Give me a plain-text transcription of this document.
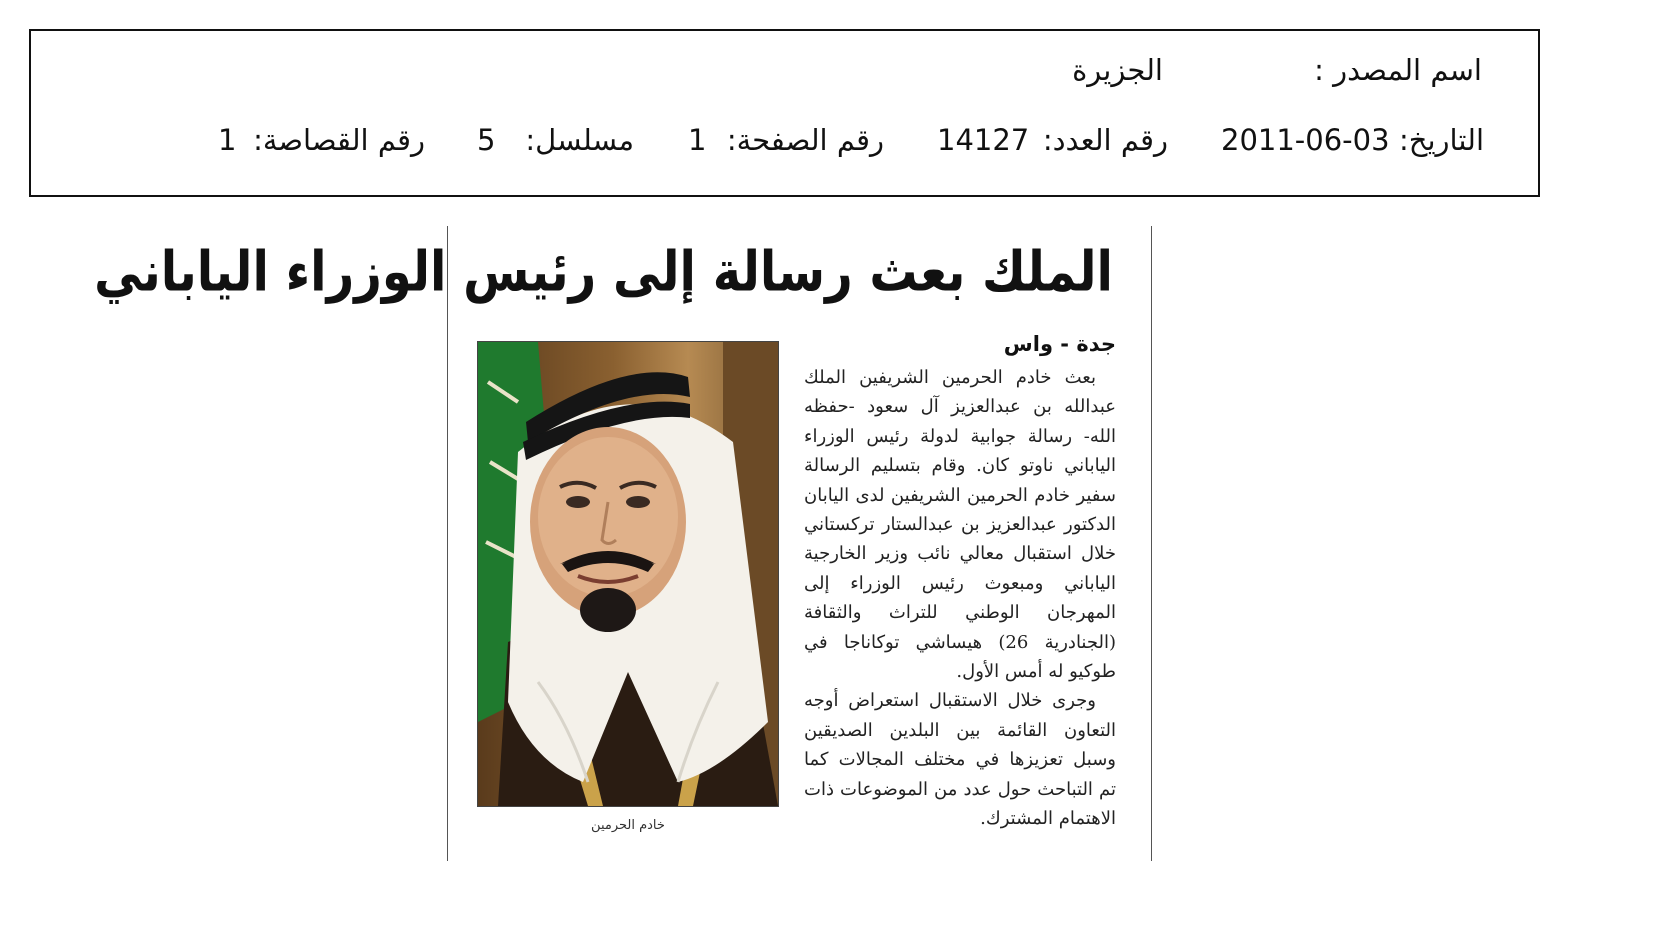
اسم المصدر :
الجزيرة
التاريخ:
2011-06-03
رقم العدد:
14127
رقم الصفحة:
1
مسلسل:
5
رقم القصاصة:
1
الملك بعث رسالة إلى رئيس الوزراء الياباني
جدة - واس

بعث خادم الحرمين الشريفين الملك عبدالله بن عبدالعزيز آل سعود -حفظه الله- رسالة جوابية لدولة رئيس الوزراء الياباني ناوتو كان. وقام بتسليم الرسالة سفير خادم الحرمين الشريفين لدى اليابان الدكتور عبدالعزيز بن عبدالستار تركستاني خلال استقبال معالي نائب وزير الخارجية الياباني ومبعوث رئيس الوزراء إلى المهرجان الوطني للتراث والثقافة (الجنادرية 26) هيساشي توكاناجا في طوكيو له أمس الأول.

وجرى خلال الاستقبال استعراض أوجه التعاون القائمة بين البلدين الصديقين وسبل تعزيزها في مختلف المجالات كما تم التباحث حول عدد من الموضوعات ذات الاهتمام المشترك.

خادم الحرمين
